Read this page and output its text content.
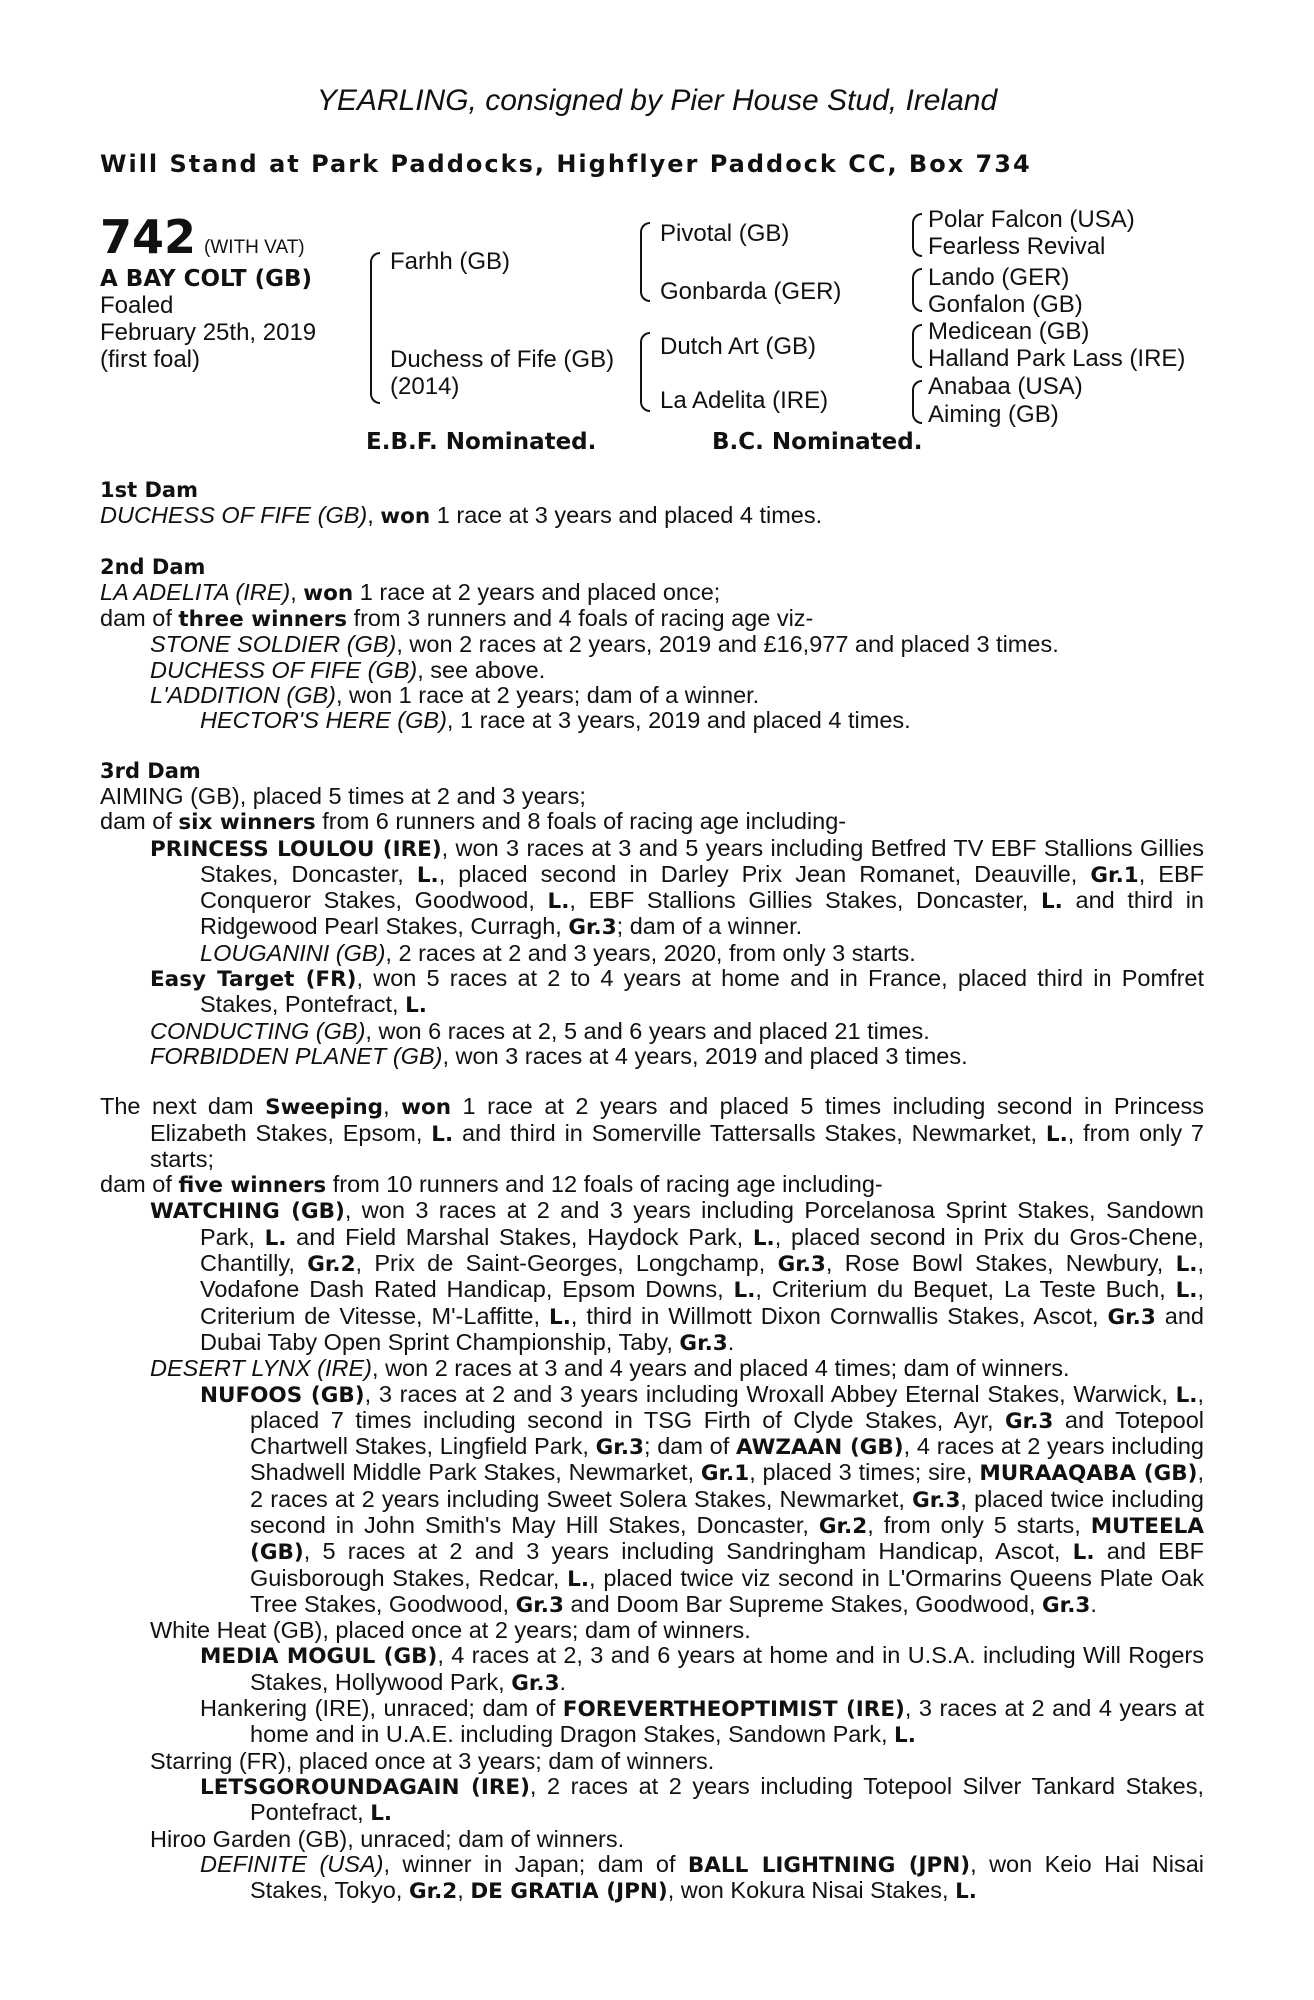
YEARLING, consigned by Pier House Stud, Ireland
Will Stand at Park Paddocks, Highflyer Paddock CC, Box 734
742 (WITH VAT)
A BAY COLT (GB)
Foaled
February 25th, 2019
(first foal)
Farhh (GB)
Duchess of Fife (GB)
(2014)
Pivotal (GB)
Gonbarda (GER)
Dutch Art (GB)
La Adelita (IRE)
Polar Falcon (USA)
Fearless Revival
Lando (GER)
Gonfalon (GB)
Medicean (GB)
Halland Park Lass (IRE)
Anabaa (USA)
Aiming (GB)
E.B.F. Nominated.	B.C. Nominated.
1st Dam
DUCHESS OF FIFE (GB), won 1 race at 3 years and placed 4 times.
2nd Dam
LA ADELITA (IRE), won 1 race at 2 years and placed once;
dam of three winners from 3 runners and 4 foals of racing age viz-
STONE SOLDIER (GB), won 2 races at 2 years, 2019 and £16,977 and placed 3 times.
DUCHESS OF FIFE (GB), see above.
L'ADDITION (GB), won 1 race at 2 years; dam of a winner.
HECTOR'S HERE (GB), 1 race at 3 years, 2019 and placed 4 times.
3rd Dam
AIMING (GB), placed 5 times at 2 and 3 years;
dam of six winners from 6 runners and 8 foals of racing age including-
PRINCESS LOULOU (IRE), won 3 races at 3 and 5 years including Betfred TV EBF Stallions Gillies Stakes, Doncaster, L., placed second in Darley Prix Jean Romanet, Deauville, Gr.1, EBF Conqueror Stakes, Goodwood, L., EBF Stallions Gillies Stakes, Doncaster, L. and third in Ridgewood Pearl Stakes, Curragh, Gr.3; dam of a winner.
LOUGANINI (GB), 2 races at 2 and 3 years, 2020, from only 3 starts.
Easy Target (FR), won 5 races at 2 to 4 years at home and in France, placed third in Pomfret Stakes, Pontefract, L.
CONDUCTING (GB), won 6 races at 2, 5 and 6 years and placed 21 times.
FORBIDDEN PLANET (GB), won 3 races at 4 years, 2019 and placed 3 times.
The next dam Sweeping, won 1 race at 2 years and placed 5 times including second in Princess Elizabeth Stakes, Epsom, L. and third in Somerville Tattersalls Stakes, Newmarket, L., from only 7 starts;
dam of five winners from 10 runners and 12 foals of racing age including-
WATCHING (GB), won 3 races at 2 and 3 years including Porcelanosa Sprint Stakes, Sandown Park, L. and Field Marshal Stakes, Haydock Park, L., placed second in Prix du Gros-Chene, Chantilly, Gr.2, Prix de Saint-Georges, Longchamp, Gr.3, Rose Bowl Stakes, Newbury, L., Vodafone Dash Rated Handicap, Epsom Downs, L., Criterium du Bequet, La Teste Buch, L., Criterium de Vitesse, M'-Laffitte, L., third in Willmott Dixon Cornwallis Stakes, Ascot, Gr.3 and Dubai Taby Open Sprint Championship, Taby, Gr.3.
DESERT LYNX (IRE), won 2 races at 3 and 4 years and placed 4 times; dam of winners.
NUFOOS (GB), 3 races at 2 and 3 years including Wroxall Abbey Eternal Stakes, Warwick, L., placed 7 times including second in TSG Firth of Clyde Stakes, Ayr, Gr.3 and Totepool Chartwell Stakes, Lingfield Park, Gr.3; dam of AWZAAN (GB), 4 races at 2 years including Shadwell Middle Park Stakes, Newmarket, Gr.1, placed 3 times; sire, MURAAQABA (GB), 2 races at 2 years including Sweet Solera Stakes, Newmarket, Gr.3, placed twice including second in John Smith's May Hill Stakes, Doncaster, Gr.2, from only 5 starts, MUTEELA (GB), 5 races at 2 and 3 years including Sandringham Handicap, Ascot, L. and EBF Guisborough Stakes, Redcar, L., placed twice viz second in L'Ormarins Queens Plate Oak Tree Stakes, Goodwood, Gr.3 and Doom Bar Supreme Stakes, Goodwood, Gr.3.
White Heat (GB), placed once at 2 years; dam of winners.
MEDIA MOGUL (GB), 4 races at 2, 3 and 6 years at home and in U.S.A. including Will Rogers Stakes, Hollywood Park, Gr.3.
Hankering (IRE), unraced; dam of FOREVERTHEOPTIMIST (IRE), 3 races at 2 and 4 years at home and in U.A.E. including Dragon Stakes, Sandown Park, L.
Starring (FR), placed once at 3 years; dam of winners.
LETSGOROUNDAGAIN (IRE), 2 races at 2 years including Totepool Silver Tankard Stakes, Pontefract, L.
Hiroo Garden (GB), unraced; dam of winners.
DEFINITE (USA), winner in Japan; dam of BALL LIGHTNING (JPN), won Keio Hai Nisai Stakes, Tokyo, Gr.2, DE GRATIA (JPN), won Kokura Nisai Stakes, L.
